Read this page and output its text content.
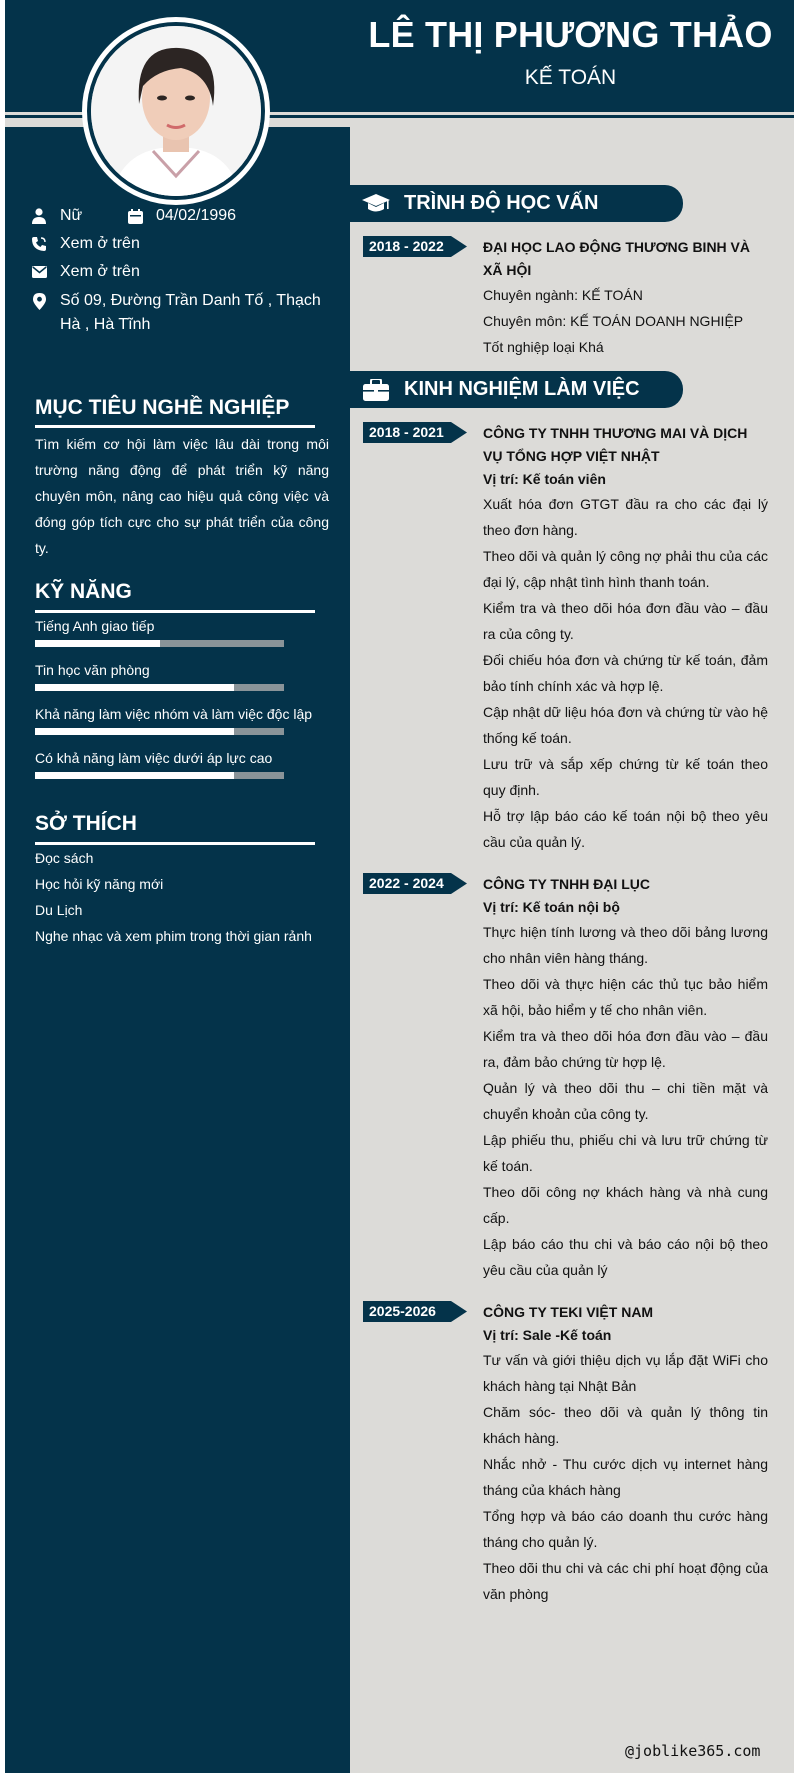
LÊ THỊ PHƯƠNG THẢO
KẾ TOÁN
Nữ	04/02/1996
Xem ở trên
Xem ở trên
Số 09, Đường Trần Danh Tố , Thạch Hà , Hà Tĩnh
MỤC TIÊU NGHỀ NGHIỆP
Tìm kiếm cơ hội làm việc lâu dài trong môi trường năng động để phát triển kỹ năng chuyên môn, nâng cao hiệu quả công việc và đóng góp tích cực cho sự phát triển của công ty.
KỸ NĂNG
Tiếng Anh giao tiếp
Tin học văn phòng
Khả năng làm việc nhóm và làm việc độc lập
Có khả năng làm việc dưới áp lực cao
SỞ THÍCH
Đọc sách
Học hỏi kỹ năng mới
Du Lịch
Nghe nhạc và xem phim trong thời gian rảnh
TRÌNH ĐỘ HỌC VẤN
2018 - 2022	ĐẠI HỌC LAO ĐỘNG THƯƠNG BINH VÀ XÃ HỘI
Chuyên ngành: KẾ TOÁN
Chuyên môn: KẾ TOÁN DOANH NGHIỆP
Tốt nghiệp loại Khá
KINH NGHIỆM LÀM VIỆC
2018 - 2021	CÔNG TY TNHH THƯƠNG MAI VÀ DỊCH VỤ TỔNG HỢP VIỆT NHẬT
Vị trí: Kế toán viên
Xuất hóa đơn GTGT đầu ra cho các đại lý theo đơn hàng.
Theo dõi và quản lý công nợ phải thu của các đại lý, cập nhật tình hình thanh toán.
Kiểm tra và theo dõi hóa đơn đầu vào – đầu ra của công ty.
Đối chiếu hóa đơn và chứng từ kế toán, đảm bảo tính chính xác và hợp lệ.
Cập nhật dữ liệu hóa đơn và chứng từ vào hệ thống kế toán.
Lưu trữ và sắp xếp chứng từ kế toán theo quy định.
Hỗ trợ lập báo cáo kế toán nội bộ theo yêu cầu của quản lý.
2022 - 2024	CÔNG TY TNHH ĐẠI LỤC
Vị trí: Kế toán nội bộ
Thực hiện tính lương và theo dõi bảng lương cho nhân viên hàng tháng.
Theo dõi và thực hiện các thủ tục bảo hiểm xã hội, bảo hiểm y tế cho nhân viên.
Kiểm tra và theo dõi hóa đơn đầu vào – đầu ra, đảm bảo chứng từ hợp lệ.
Quản lý và theo dõi thu – chi tiền mặt và chuyển khoản của công ty.
Lập phiếu thu, phiếu chi và lưu trữ chứng từ kế toán.
Theo dõi công nợ khách hàng và nhà cung cấp.
Lập báo cáo thu chi và báo cáo nội bộ theo yêu cầu của quản lý
2025-2026	CÔNG TY TEKI VIỆT NAM
Vị trí: Sale -Kế toán
Tư vấn và giới thiệu dịch vụ lắp đặt WiFi cho khách hàng tại Nhật Bản
Chăm sóc- theo dõi và quản lý thông tin khách hàng.
Nhắc nhở - Thu cước dịch vụ internet hàng tháng của khách hàng
Tổng hợp và báo cáo doanh thu cước hàng tháng cho quản lý.
Theo dõi thu chi và các chi phí hoạt động của văn phòng
@joblike365.com
